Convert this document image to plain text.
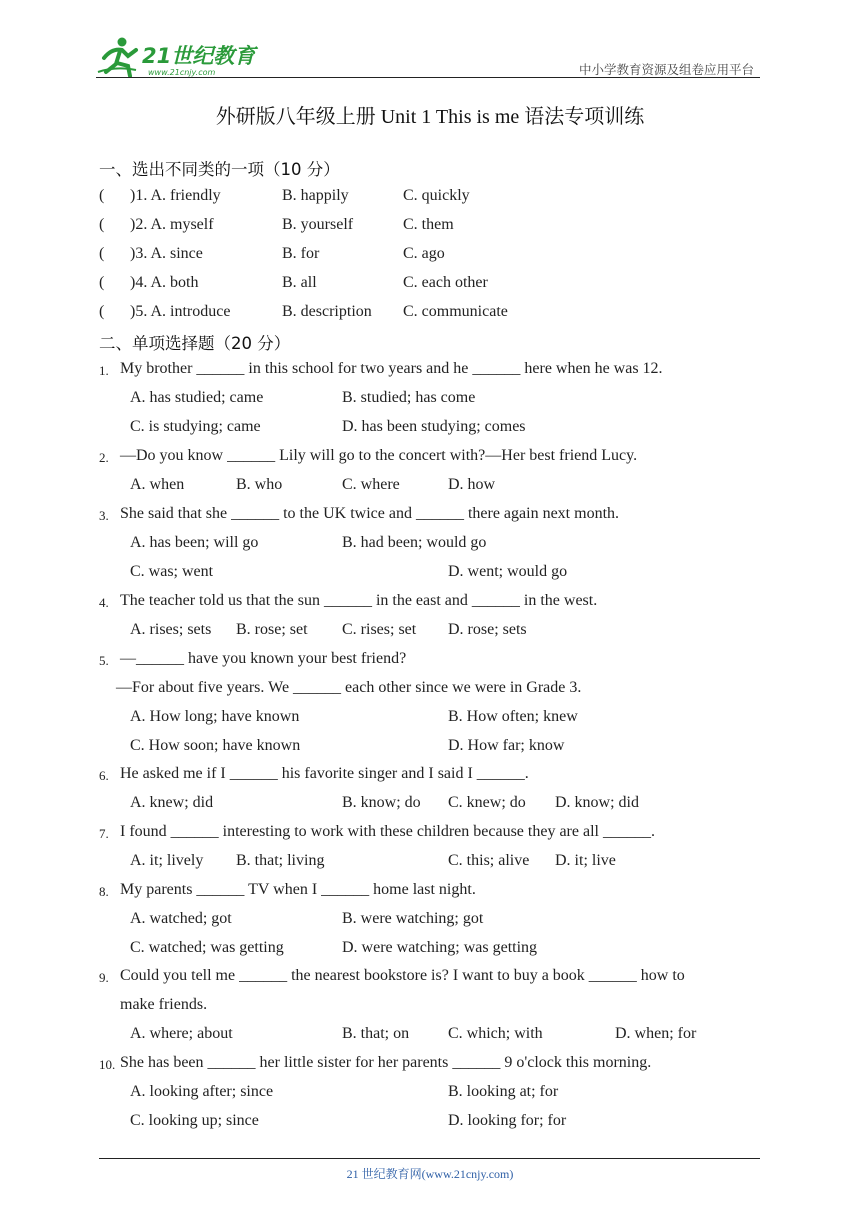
21世纪教育
www.21cnjy.com	中小学教育资源及组卷应用平台
外研版八年级上册 Unit 1 This is me 语法专项训练
一、选出不同类的一项（10 分）
( )1. A. friendly	B. happily	C. quickly
( )2. A. myself	B. yourself	C. them
( )3. A. since	B. for	C. ago
( )4. A. both	B. all	C. each other
( )5. A. introduce	B. description C. communicate
二、单项选择题（20 分）
1. My brother ______ in this school for two years and he ______ here when he was 12.
A. has studied; came	B. studied; has come
C. is studying; came	D. has been studying; comes
2. —Do you know ______ Lily will go to the concert with?—Her best friend Lucy.
A. when	B. who	C. where	D. how
3. She said that she ______ to the UK twice and ______ there again next month.
A. has been; will go	B. had been; would go
C. was; went	D. went; would go
4. The teacher told us that the sun ______ in the east and ______ in the west.
A. rises; sets B. rose; set C. rises; set D. rose; sets
5. —______ have you known your best friend?
—For about five years. We ______ each other since we were in Grade 3.
A. How long; have known	B. How often; knew
C. How soon; have known	D. How far; know
6. He asked me if I ______ his favorite singer and I said I ______.
A. knew; did	B. know; do C. knew; do D. know; did
7. I found ______ interesting to work with these children because they are all ______.
A. it; lively B. that; living	C. this; alive D. it; live
8. My parents ______ TV when I ______ home last night.
A. watched; got	B. were watching; got
C. watched; was getting	D. were watching; was getting
9. Could you tell me ______ the nearest bookstore is? I want to buy a book ______ how to
make friends.
A. where; about	B. that; on C. which; with	D. when; for
10. She has been ______ her little sister for her parents ______ 9 o'clock this morning.
A. looking after; since	B. looking at; for
C. looking up; since	D. looking for; for
21 世纪教育网(www.21cnjy.com)
